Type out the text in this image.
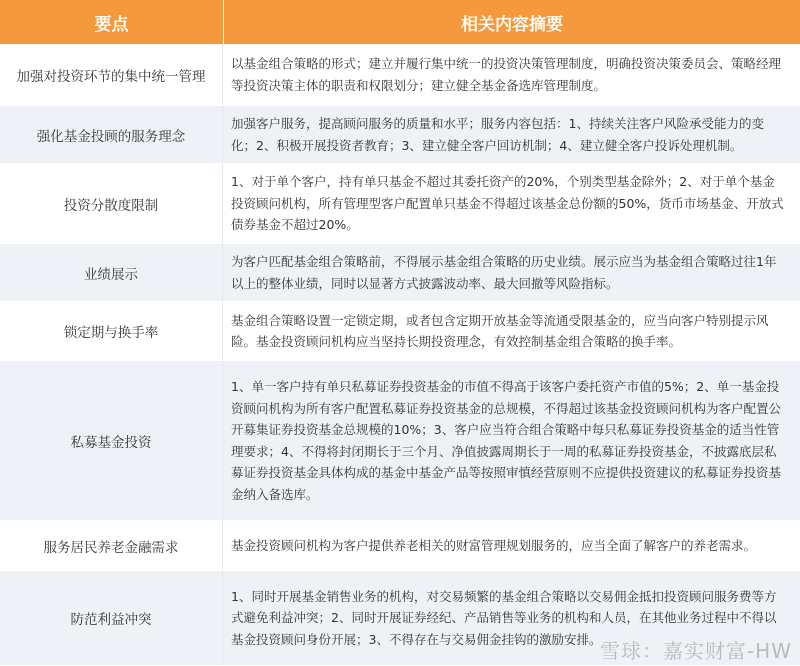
要点	相关内容摘要
加强对投资环节的集中统一管理
以基金组合策略的形式；建立并履行集中统一的投资决策管理制度，明确投资决策委员会、策略经理等投资决策主体的职责和权限划分；建立健全基金备选库管理制度。
强化基金投顾的服务理念
加强客户服务，提高顾问服务的质量和水平；服务内容包括：1、持续关注客户风险承受能力的变化；2、积极开展投资者教育；3、建立健全客户回访机制；4、建立健全客户投诉处理机制。
投资分散度限制
1、对于单个客户，持有单只基金不超过其委托资产的20%，个别类型基金除外；2、对于单个基金投资顾问机构，所有管理型客户配置单只基金不得超过该基金总份额的50%，货币市场基金、开放式债券基金不超过20%。
业绩展示
为客户匹配基金组合策略前，不得展示基金组合策略的历史业绩。展示应当为基金组合策略过往1年以上的整体业绩，同时以显著方式披露波动率、最大回撤等风险指标。
锁定期与换手率
基金组合策略设置一定锁定期，或者包含定期开放基金等流通受限基金的，应当向客户特别提示风险。基金投资顾问机构应当坚持长期投资理念，有效控制基金组合策略的换手率。
私募基金投资
1、单一客户持有单只私募证券投资基金的市值不得高于该客户委托资产市值的5%；2、单一基金投资顾问机构为所有客户配置私募证券投资基金的总规模，不得超过该基金投资顾问机构为客户配置公开募集证券投资基金总规模的10%；3、客户应当符合组合策略中每只私募证券投资基金的适当性管理要求；4、不得将封闭期长于三个月、净值披露周期长于一周的私募证券投资基金，不披露底层私募证券投资基金具体构成的基金中基金产品等按照审慎经营原则不应提供投资建议的私募证券投资基金纳入备选库。
服务居民养老金融需求	基金投资顾问机构为客户提供养老相关的财富管理规划服务的，应当全面了解客户的养老需求。
防范利益冲突
1、同时开展基金销售业务的机构，对交易频繁的基金组合策略以交易佣金抵扣投资顾问服务费等方式避免利益冲突；2、同时开展证券经纪、产品销售等业务的机构和人员，在其他业务过程中不得以基金投资顾问身份开展；3、不得存在与交易佣金挂钩的激励安排。
雪球：嘉实财富-HW
